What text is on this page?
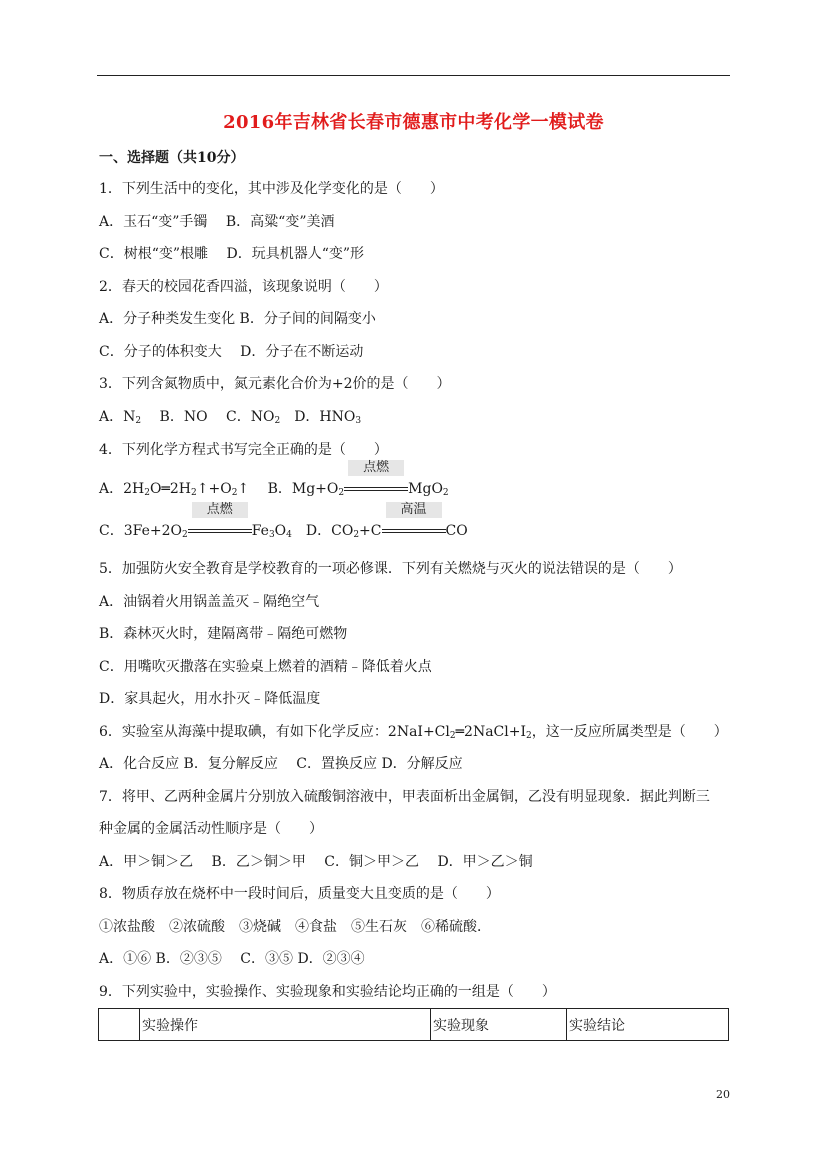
2016年吉林省长春市德惠市中考化学一模试卷
一、选择题（共10分）
1．下列生活中的变化，其中涉及化学变化的是（　　）
A．玉石“变”手镯　 B．高粱“变”美酒
C．树根“变”根雕　 D．玩具机器人“变”形
2．春天的校园花香四溢，该现象说明（　　）
A．分子种类发生变化 B．分子间的间隔变小
C．分子的体积变大　 D．分子在不断运动
3．下列含氮物质中，氮元素化合价为+2价的是（　　）
A．$N_2$　 B．NO　 C．$NO_2$　D．$HNO_3$
4．下列化学方程式书写完全正确的是（　　）
A．$2H_2O═2H_2↑+O_2↑$　 B．$Mg+O_2$
点燃
MgO$_2$
C．$3Fe+2O_2$
点燃
$Fe_3O_4$　D．$CO_2+C$
高温
CO
5．加强防火安全教育是学校教育的一项必修课．下列有关燃烧与灭火的说法错误的是（　　）
A．油锅着火用锅盖盖灭﹣隔绝空气
B．森林灭火时，建隔离带﹣隔绝可燃物
C．用嘴吹灭撒落在实验桌上燃着的酒精﹣降低着火点
D．家具起火，用水扑灭﹣降低温度
6．实验室从海藻中提取碘，有如下化学反应：$2NaI+Cl_2═2NaCl+I_2$，这一反应所属类型是（　　）
A．化合反应 B．复分解反应　 C．置换反应 D．分解反应
7．将甲、乙两种金属片分别放入硫酸铜溶液中，甲表面析出金属铜，乙没有明显现象．据此判断三
种金属的金属活动性顺序是（　　）
A．甲＞铜＞乙　 B．乙＞铜＞甲　 C．铜＞甲＞乙　 D．甲＞乙＞铜
8．物质存放在烧杯中一段时间后，质量变大且变质的是（　　）
①浓盐酸　②浓硫酸　③烧碱　④食盐　⑤生石灰　⑥稀硫酸．
A．①⑥ B．②③⑤　 C．③⑤ D．②③④
9．下列实验中，实验操作、实验现象和实验结论均正确的一组是（　　）
	实验操作	实验现象	实验结论
20
